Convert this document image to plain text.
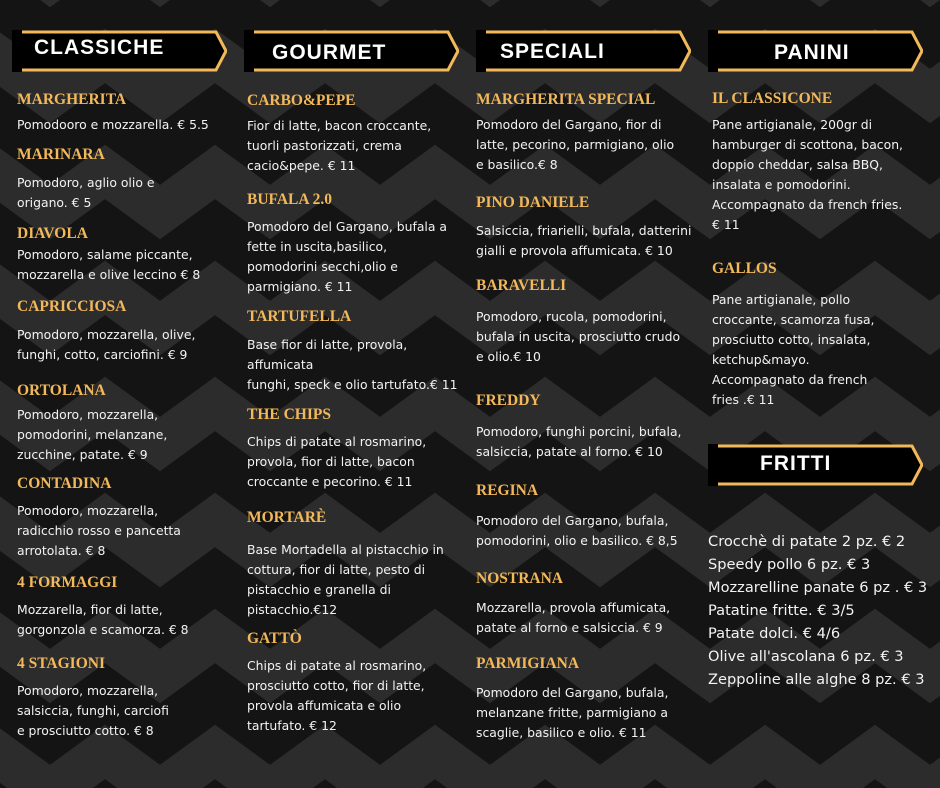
CLASSICHE
MARGHERITA
Pomodooro e mozzarella. € 5.5
MARINARA
Pomodoro, aglio olio e
origano. € 5
DIAVOLA
Pomodoro, salame piccante,
mozzarella e olive leccino € 8
CAPRICCIOSA
Pomodoro, mozzarella, olive,
funghi, cotto, carciofini. € 9
ORTOLANA
Pomodoro, mozzarella,
pomodorini, melanzane,
zucchine, patate. € 9
CONTADINA
Pomodoro, mozzarella,
radicchio rosso e pancetta
arrotolata. € 8
4 FORMAGGI
Mozzarella, fior di latte,
gorgonzola e scamorza. € 8
4 STAGIONI
Pomodoro, mozzarella,
salsiccia, funghi, carciofi
e prosciutto cotto. € 8
GOURMET
CARBO&PEPE
Fior di latte, bacon croccante,
tuorli pastorizzati, crema
cacio&pepe. € 11
BUFALA 2.0
Pomodoro del Gargano, bufala a
fette in uscita,basilico,
pomodorini secchi,olio e
parmigiano. € 11
TARTUFELLA
Base fior di latte, provola,
affumicata
funghi, speck e olio tartufato.€ 11
THE CHIPS
Chips di patate al rosmarino,
provola, fior di latte, bacon
croccante e pecorino. € 11
MORTARÈ
Base Mortadella al pistacchio in
cottura, fior di latte, pesto di
pistacchio e granella di
pistacchio.€12
GATTÒ
Chips di patate al rosmarino,
prosciutto cotto, fior di latte,
provola affumicata e olio
tartufato. € 12
SPECIALI
MARGHERITA SPECIAL
Pomodoro del Gargano, fior di
latte, pecorino, parmigiano, olio
e basilico.€ 8
PINO DANIELE
Salsiccia, friarielli, bufala, datterini
gialli e provola affumicata. € 10
BARAVELLI
Pomodoro, rucola, pomodorini,
bufala in uscita, prosciutto crudo
e olio.€ 10
FREDDY
Pomodoro, funghi porcini, bufala,
salsiccia, patate al forno. € 10
REGINA
Pomodoro del Gargano, bufala,
pomodorini, olio e basilico. € 8,5
NOSTRANA
Mozzarella, provola affumicata,
patate al forno e salsiccia. € 9
PARMIGIANA
Pomodoro del Gargano, bufala,
melanzane fritte, parmigiano a
scaglie, basilico e olio. € 11
PANINI
IL CLASSICONE
Pane artigianale, 200gr di
hamburger di scottona, bacon,
doppio cheddar, salsa BBQ,
insalata e pomodorini.
Accompagnato da french fries.
€ 11
GALLOS
Pane artigianale, pollo
croccante, scamorza fusa,
prosciutto cotto, insalata,
ketchup&mayo.
Accompagnato da french
fries .€ 11
FRITTI
Crocchè di patate 2 pz. € 2
Speedy pollo 6 pz. € 3
Mozzarelline panate 6 pz . € 3
Patatine fritte. € 3/5
Patate dolci. € 4/6
Olive all'ascolana 6 pz. € 3
Zeppoline alle alghe 8 pz. € 3
